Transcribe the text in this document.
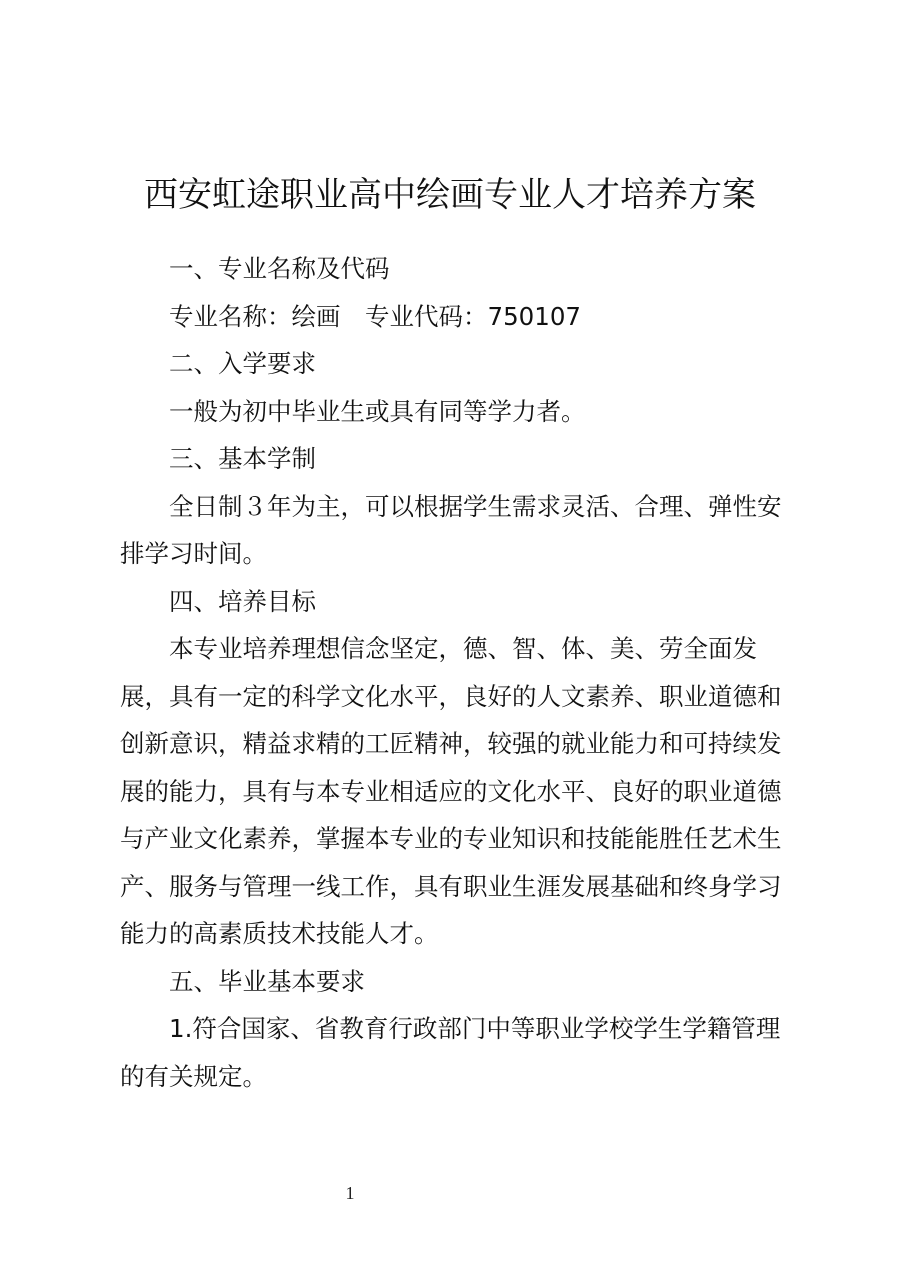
西安虹途职业高中绘画专业人才培养方案

一、专业名称及代码

专业名称：绘画　专业代码：750107

二、入学要求

一般为初中毕业生或具有同等学力者。

三、基本学制

全日制３年为主，可以根据学生需求灵活、合理、弹性安
排学习时间。

四、培养目标

本专业培养理想信念坚定，德、智、体、美、劳全面发
展，具有一定的科学文化水平，良好的人文素养、职业道德和
创新意识，精益求精的工匠精神，较强的就业能力和可持续发
展的能力，具有与本专业相适应的文化水平、良好的职业道德
与产业文化素养，掌握本专业的专业知识和技能能胜任艺术生
产、服务与管理一线工作，具有职业生涯发展基础和终身学习
能力的高素质技术技能人才。

五、毕业基本要求

1.符合国家、省教育行政部门中等职业学校学生学籍管理
的有关规定。
1
